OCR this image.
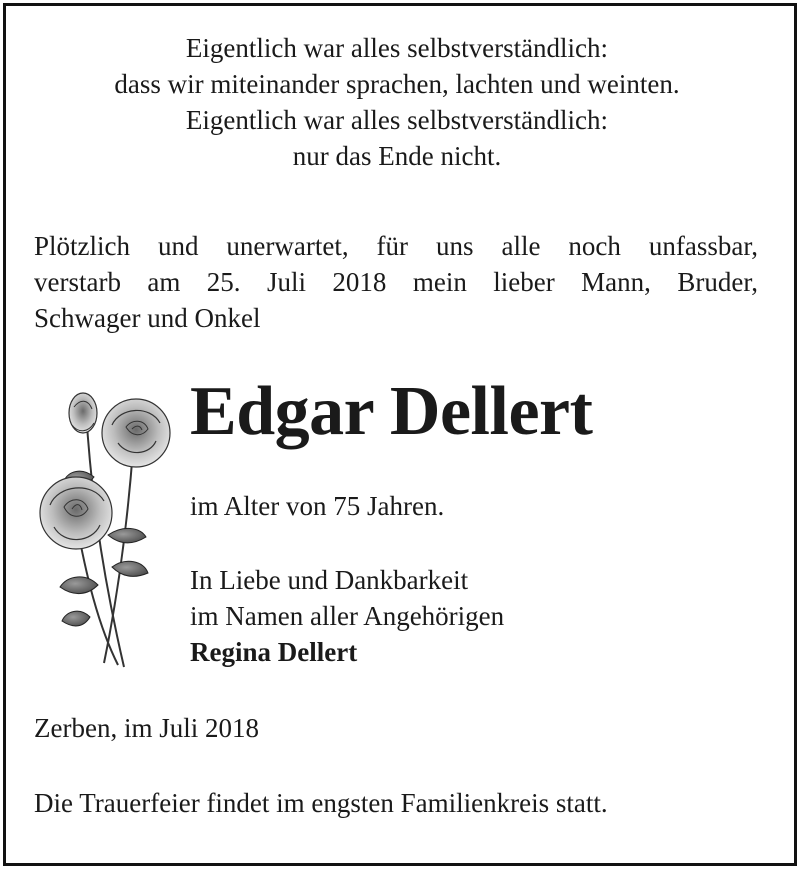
Eigentlich war alles selbstverständlich:
dass wir miteinander sprachen, lachten und weinten.
Eigentlich war alles selbstverständlich:
nur das Ende nicht.
Plötzlich und unerwartet, für uns alle noch unfassbar,
verstarb am 25. Juli 2018 mein lieber Mann, Bruder,
Schwager und Onkel
Edgar Dellert
im Alter von 75 Jahren.
In Liebe und Dankbarkeit
im Namen aller Angehörigen
Regina Dellert
Zerben, im Juli 2018
Die Trauerfeier findet im engsten Familienkreis statt.
